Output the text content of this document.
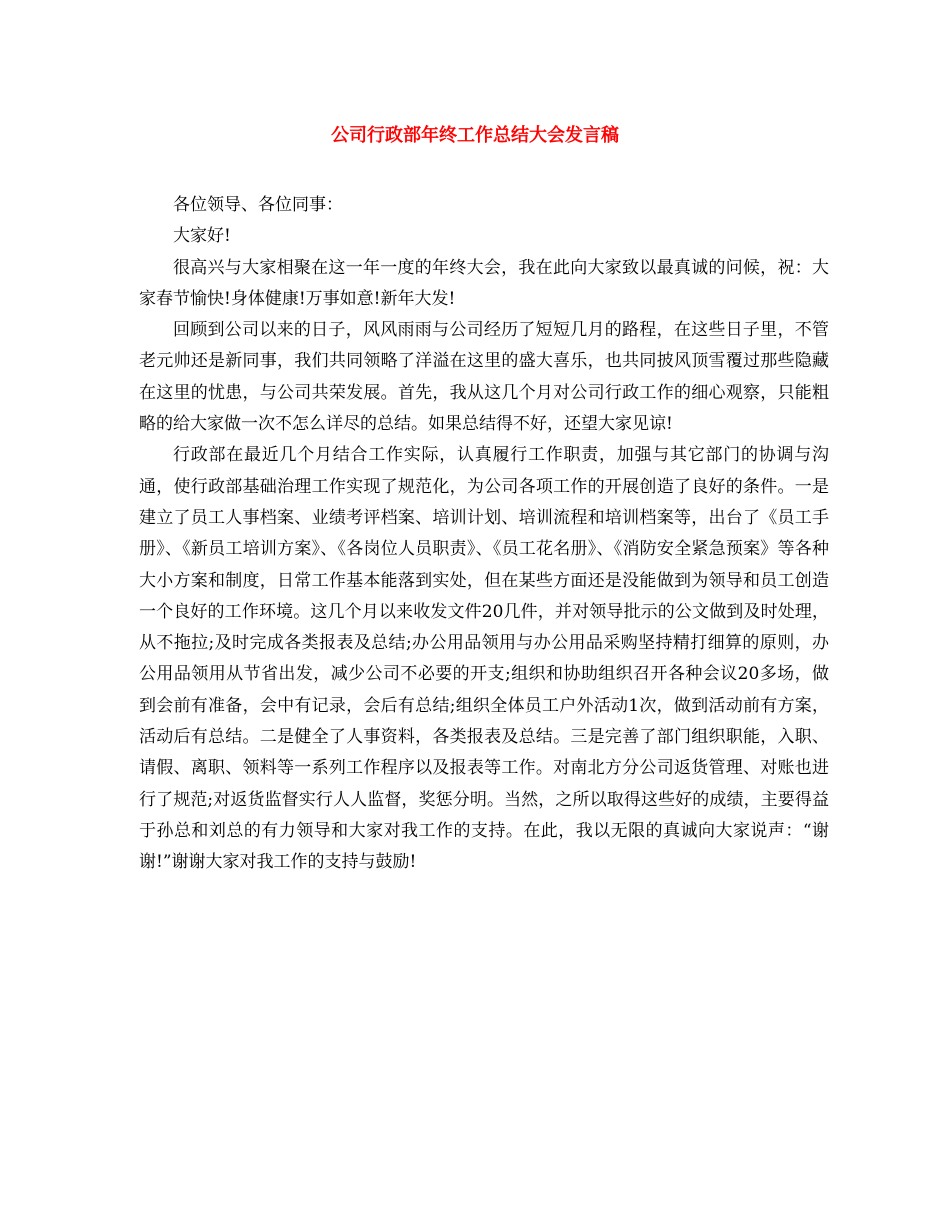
公司行政部年终工作总结大会发言稿

各位领导、各位同事：

大家好!

很高兴与大家相聚在这一年一度的年终大会，我在此向大家致以最真诚的问候，祝：大家春节愉快!身体健康!万事如意!新年大发!

回顾到公司以来的日子，风风雨雨与公司经历了短短几月的路程，在这些日子里，不管老元帅还是新同事，我们共同领略了洋溢在这里的盛大喜乐，也共同披风顶雪覆过那些隐藏在这里的忧患，与公司共荣发展。首先，我从这几个月对公司行政工作的细心观察，只能粗略的给大家做一次不怎么详尽的总结。如果总结得不好，还望大家见谅!

行政部在最近几个月结合工作实际，认真履行工作职责，加强与其它部门的协调与沟通，使行政部基础治理工作实现了规范化，为公司各项工作的开展创造了良好的条件。一是建立了员工人事档案、业绩考评档案、培训计划、培训流程和培训档案等，出台了《员工手册》、《新员工培训方案》、《各岗位人员职责》、《员工花名册》、《消防安全紧急预案》等各种大小方案和制度，日常工作基本能落到实处，但在某些方面还是没能做到为领导和员工创造一个良好的工作环境。这几个月以来收发文件20几件，并对领导批示的公文做到及时处理，从不拖拉;及时完成各类报表及总结;办公用品领用与办公用品采购坚持精打细算的原则，办公用品领用从节省出发，减少公司不必要的开支;组织和协助组织召开各种会议20多场，做到会前有准备，会中有记录，会后有总结;组织全体员工户外活动1次，做到活动前有方案，活动后有总结。二是健全了人事资料，各类报表及总结。三是完善了部门组织职能，入职、请假、离职、领料等一系列工作程序以及报表等工作。对南北方分公司返货管理、对账也进行了规范;对返货监督实行人人监督，奖惩分明。当然，之所以取得这些好的成绩，主要得益于孙总和刘总的有力领导和大家对我工作的支持。在此，我以无限的真诚向大家说声：“谢谢!”谢谢大家对我工作的支持与鼓励!
